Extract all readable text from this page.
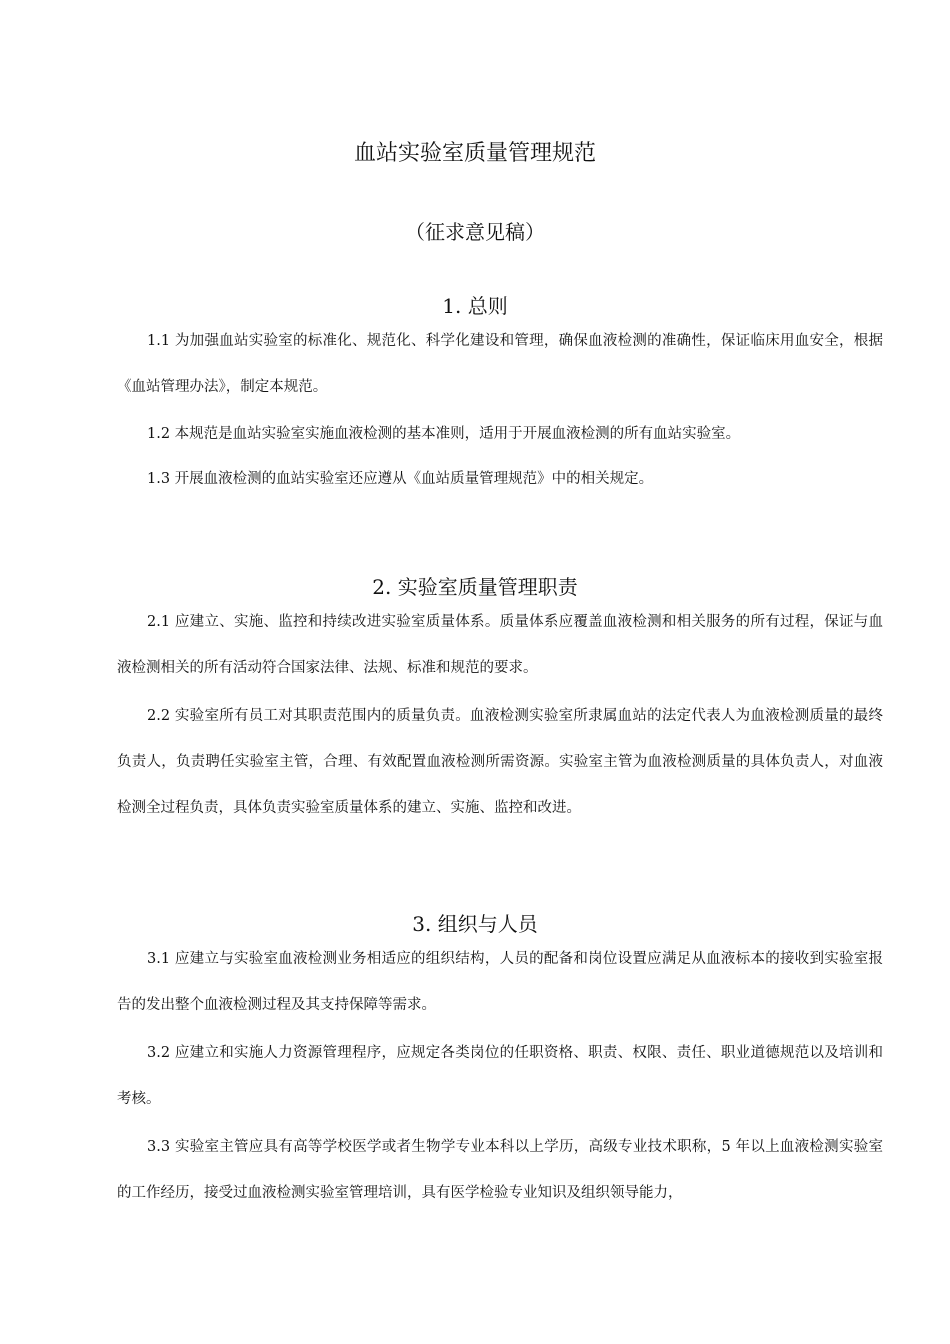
血站实验室质量管理规范
（征求意见稿）
1. 总则

1.1 为加强血站实验室的标准化、规范化、科学化建设和管理，确保血液检测的准确性，保证临床用血安全，根据《血站管理办法》，制定本规范。

1.2 本规范是血站实验室实施血液检测的基本准则，适用于开展血液检测的所有血站实验室。

1.3 开展血液检测的血站实验室还应遵从《血站质量管理规范》中的相关规定。

2. 实验室质量管理职责

2.1 应建立、实施、监控和持续改进实验室质量体系。质量体系应覆盖血液检测和相关服务的所有过程，保证与血液检测相关的所有活动符合国家法律、法规、标准和规范的要求。

2.2 实验室所有员工对其职责范围内的质量负责。血液检测实验室所隶属血站的法定代表人为血液检测质量的最终负责人，负责聘任实验室主管，合理、有效配置血液检测所需资源。实验室主管为血液检测质量的具体负责人，对血液检测全过程负责，具体负责实验室质量体系的建立、实施、监控和改进。

3. 组织与人员

3.1 应建立与实验室血液检测业务相适应的组织结构，人员的配备和岗位设置应满足从血液标本的接收到实验室报告的发出整个血液检测过程及其支持保障等需求。

3.2 应建立和实施人力资源管理程序，应规定各类岗位的任职资格、职责、权限、责任、职业道德规范以及培训和考核。

3.3 实验室主管应具有高等学校医学或者生物学专业本科以上学历，高级专业技术职称，5 年以上血液检测实验室的工作经历，接受过血液检测实验室管理培训，具有医学检验专业知识及组织领导能力，
